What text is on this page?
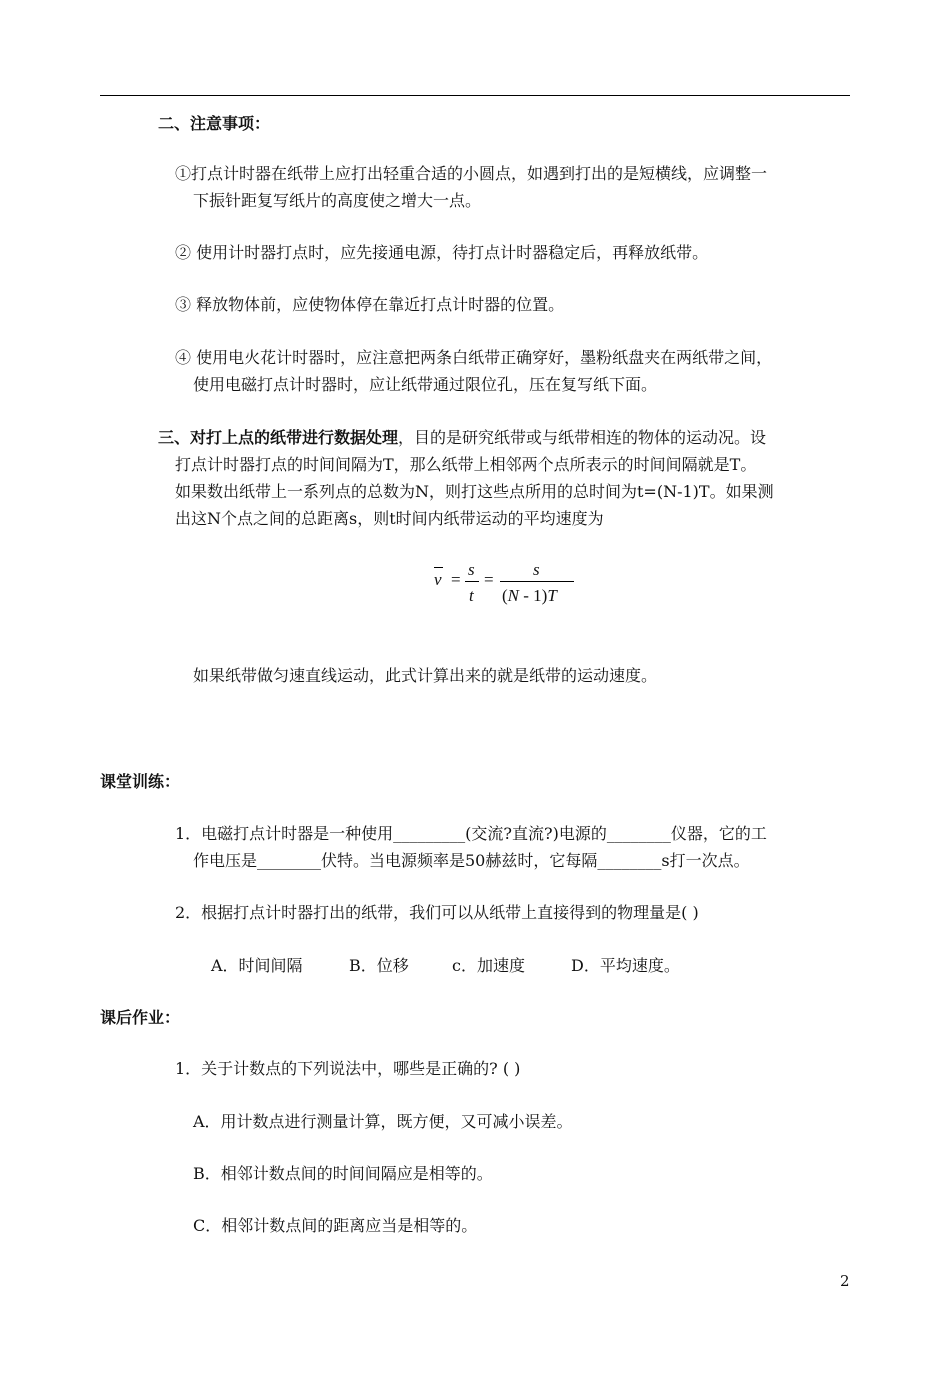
二、注意事项：
①打点计时器在纸带上应打出轻重合适的小圆点，如遇到打出的是短横线，应调整一
下振针距复写纸片的高度使之增大一点。
② 使用计时器打点时，应先接通电源，待打点计时器稳定后，再释放纸带。
③ 释放物体前，应使物体停在靠近打点计时器的位置。
④ 使用电火花计时器时，应注意把两条白纸带正确穿好，墨粉纸盘夹在两纸带之间，
使用电磁打点计时器时，应让纸带通过限位孔，压在复写纸下面。
三、对打上点的纸带进行数据处理，目的是研究纸带或与纸带相连的物体的运动况。设
打点计时器打点的时间间隔为T，那么纸带上相邻两个点所表示的时间间隔就是T。
如果数出纸带上一系列点的总数为N，则打这些点所用的总时间为t=(N-1)T。如果测
出这N个点之间的总距离s，则t时间内纸带运动的平均速度为
v =
s
t
=
s
(N - 1)T
如果纸带做匀速直线运动，此式计算出来的就是纸带的运动速度。
课堂训练：
1．电磁打点计时器是一种使用_________(交流?直流?)电源的________仪器，它的工
作电压是________伏特。当电源频率是50赫兹时，它每隔________s打一次点。
2．根据打点计时器打出的纸带，我们可以从纸带上直接得到的物理量是( )
A．时间间隔	B．位移	c．加速度	D．平均速度。
课后作业：
1．关于计数点的下列说法中，哪些是正确的? ( )
A．用计数点进行测量计算，既方便，又可减小误差。
B．相邻计数点间的时间间隔应是相等的。
C．相邻计数点间的距离应当是相等的。
2
